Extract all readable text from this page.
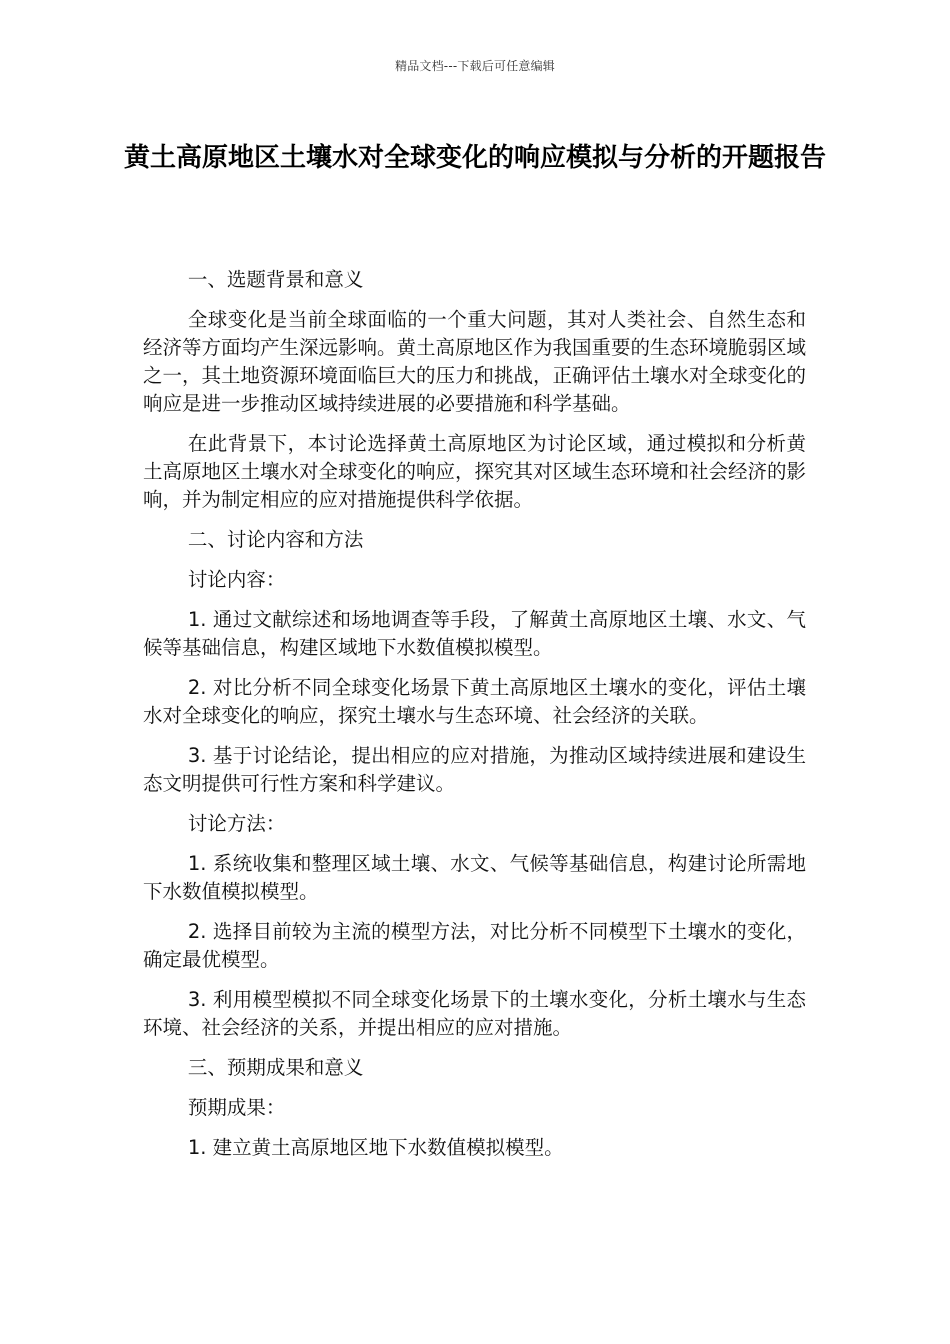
精品文档---下载后可任意编辑
黄土高原地区土壤水对全球变化的响应模拟与分析的开题报告

一、选题背景和意义

全球变化是当前全球面临的一个重大问题，其对人类社会、自然生态和经济等方面均产生深远影响。黄土高原地区作为我国重要的生态环境脆弱区域之一，其土地资源环境面临巨大的压力和挑战，正确评估土壤水对全球变化的响应是进一步推动区域持续进展的必要措施和科学基础。

在此背景下，本讨论选择黄土高原地区为讨论区域，通过模拟和分析黄土高原地区土壤水对全球变化的响应，探究其对区域生态环境和社会经济的影响，并为制定相应的应对措施提供科学依据。

二、讨论内容和方法

讨论内容：

1. 通过文献综述和场地调查等手段，了解黄土高原地区土壤、水文、气候等基础信息，构建区域地下水数值模拟模型。

2. 对比分析不同全球变化场景下黄土高原地区土壤水的变化，评估土壤水对全球变化的响应，探究土壤水与生态环境、社会经济的关联。

3. 基于讨论结论，提出相应的应对措施，为推动区域持续进展和建设生态文明提供可行性方案和科学建议。

讨论方法：

1. 系统收集和整理区域土壤、水文、气候等基础信息，构建讨论所需地下水数值模拟模型。

2. 选择目前较为主流的模型方法，对比分析不同模型下土壤水的变化，确定最优模型。

3. 利用模型模拟不同全球变化场景下的土壤水变化，分析土壤水与生态环境、社会经济的关系，并提出相应的应对措施。

三、预期成果和意义

预期成果：

1. 建立黄土高原地区地下水数值模拟模型。
